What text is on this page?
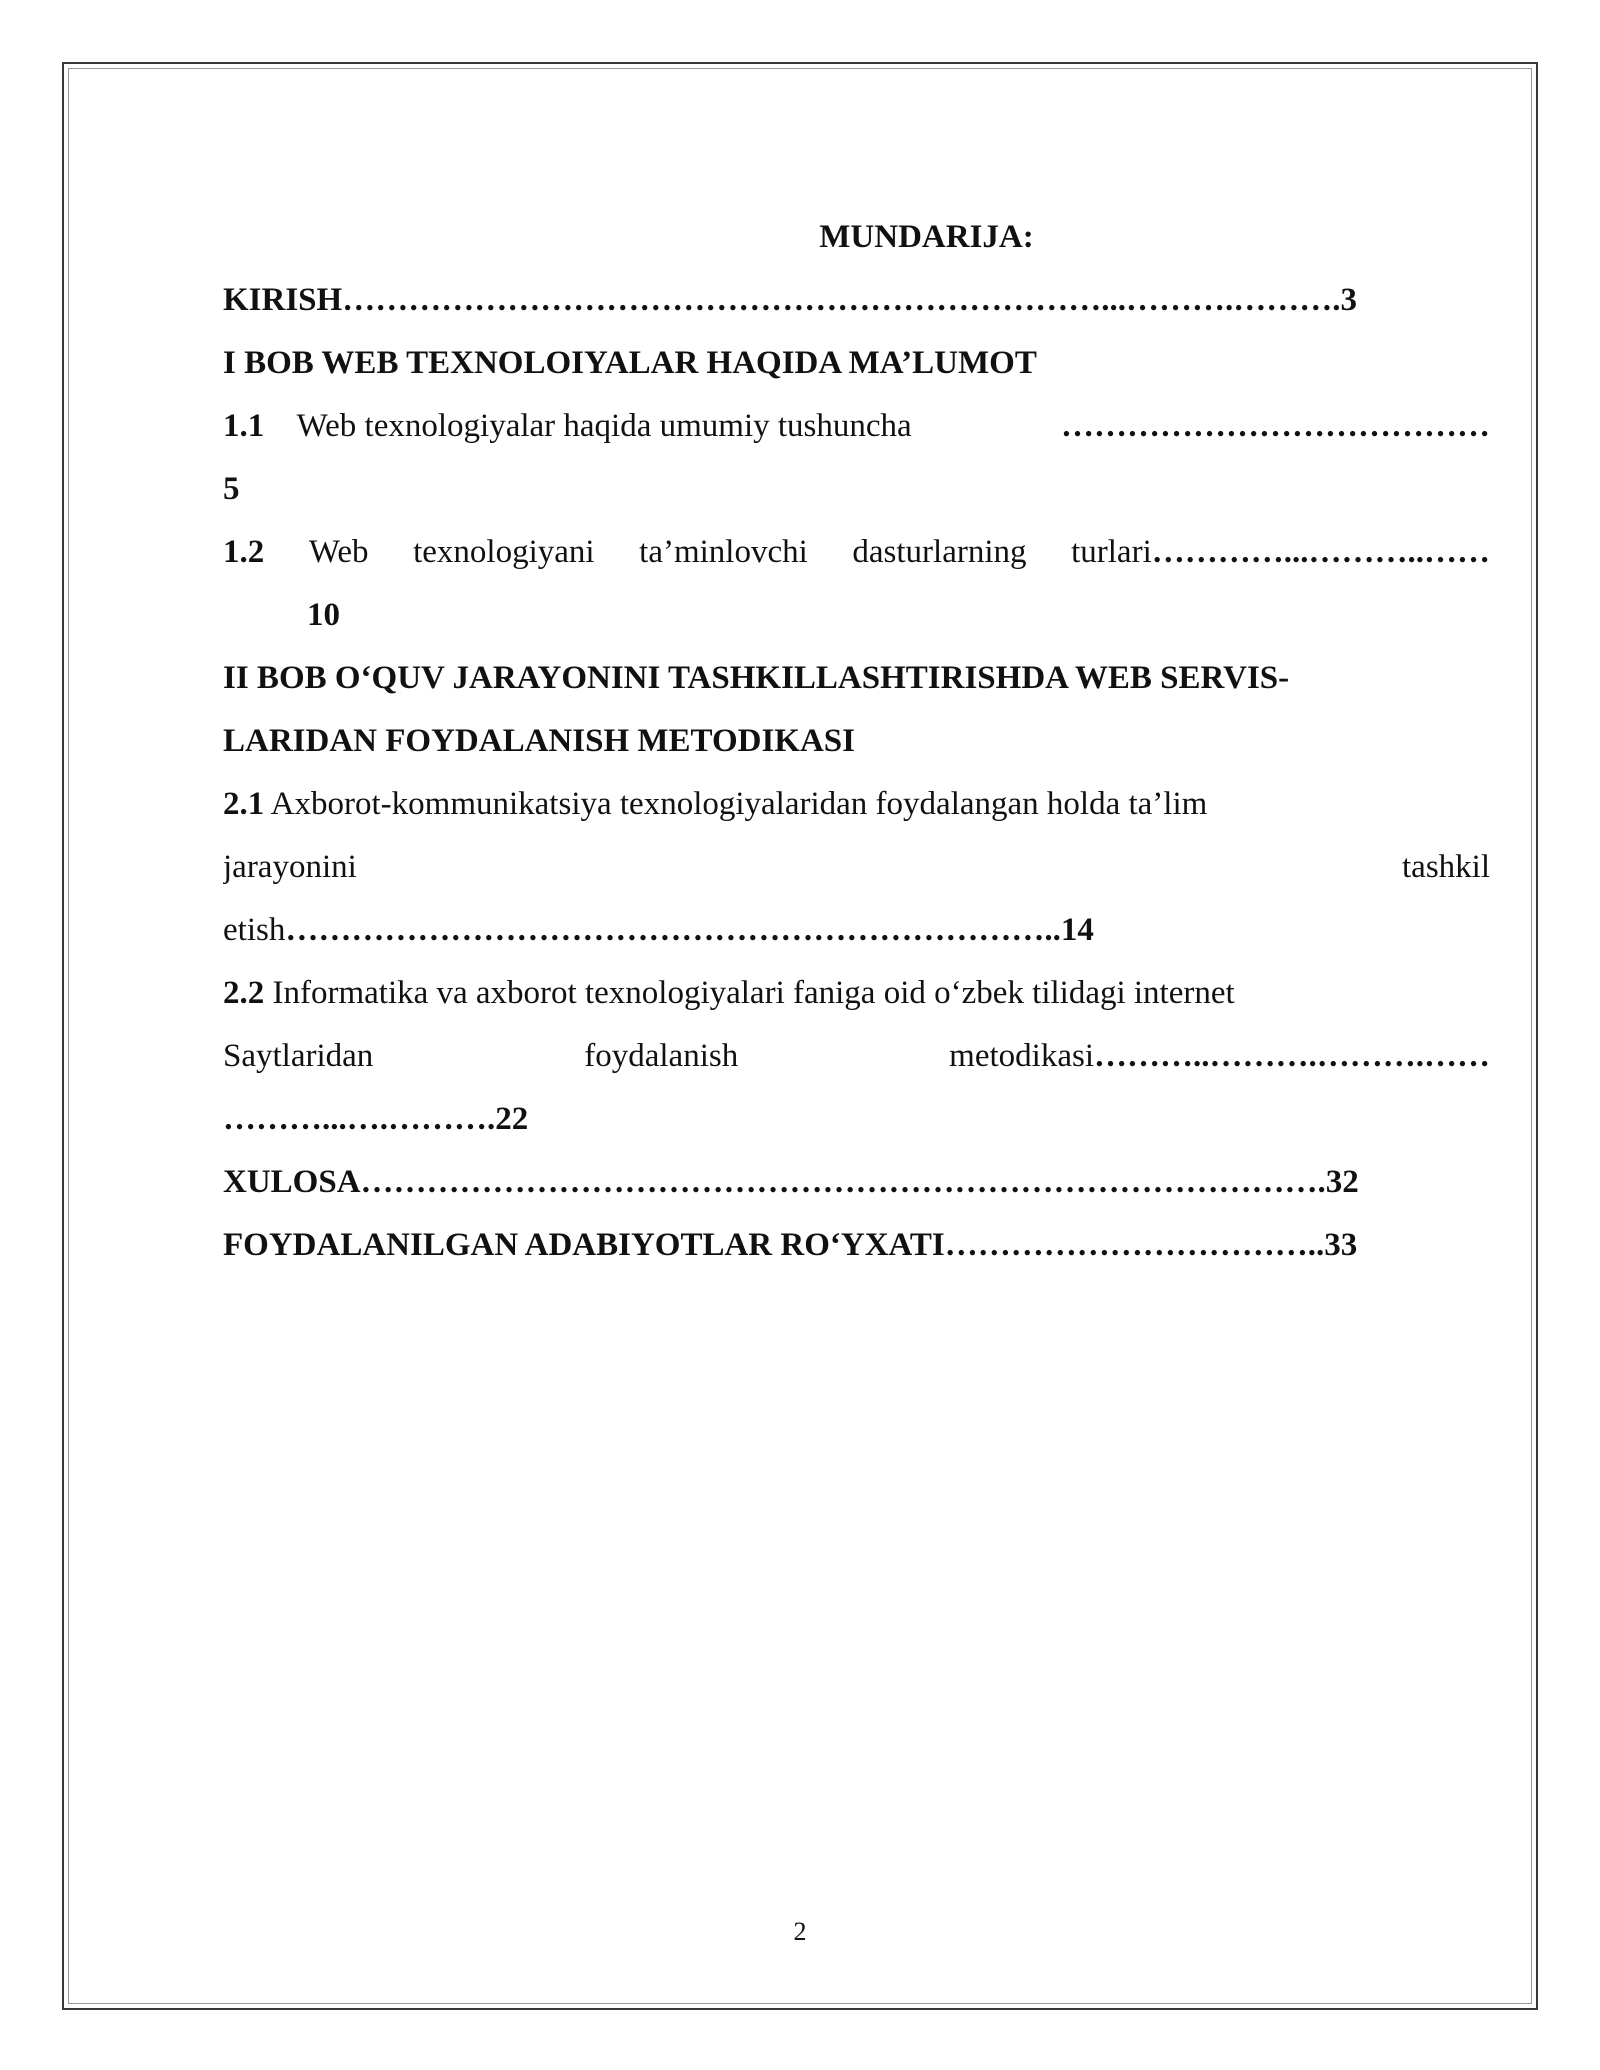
MUNDARIJA:
KIRISH……………………………………………………………...……….……….3
I BOB WEB TEXNOLOIYALAR HAQIDA MA’LUMOT
1.1 Web texnologiyalar haqida umumiy tushuncha	…………………………………
5
1.2 Web texnologiyani ta’minlovchi dasturlarning turlari…………...………..……
10
II BOB O‘QUV JARAYONINI TASHKILLASHTIRISHDA WEB SERVIS-
LARIDAN FOYDALANISH METODIKASI
2.1 Axborot-kommunikatsiya texnologiyalaridan foydalangan holda ta’lim
jarayonini	tashkil
etish……………………………………………………………..14
2.2 Informatika va axborot texnologiyalari faniga oid o‘zbek tilidagi internet
Saytlaridan	foydalanish	metodikasi………..……….……….……
………...….……….22
XULOSA…………………………………………………………………………….32
FOYDALANILGAN ADABIYOTLAR RO‘YXATI……………………………..33
2
